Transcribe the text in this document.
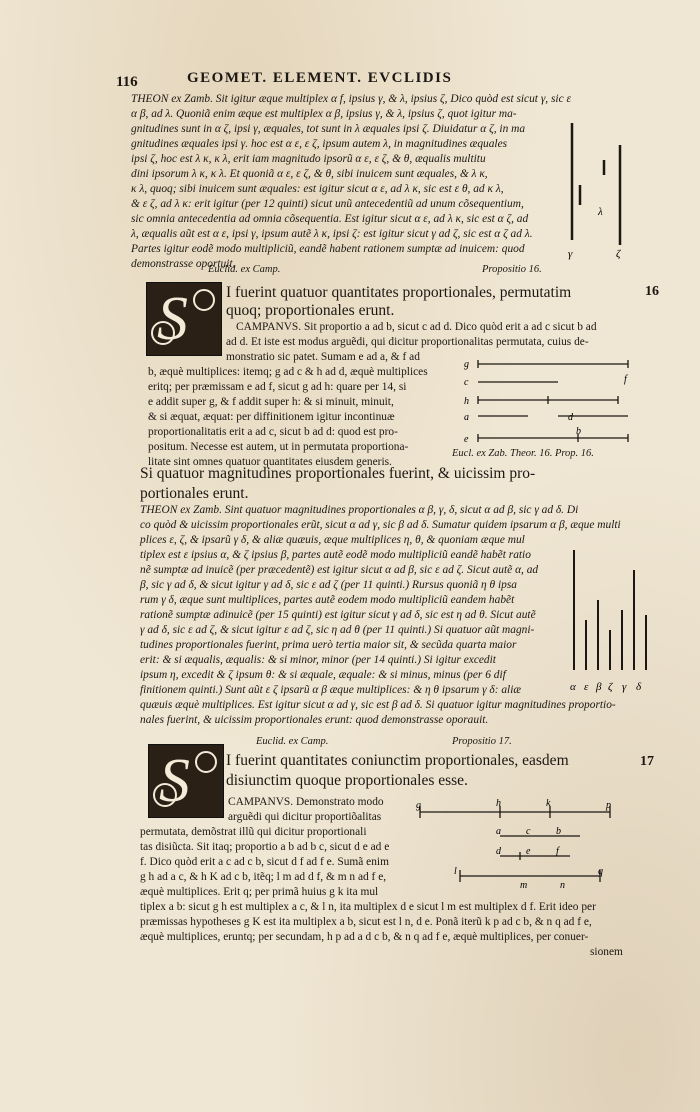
116	GEOMET. ELEMENT. EVCLIDIS
THEON ex Zamb. Sit igitur æque multiplex α f, ipsius γ, & λ, ipsius ζ, Dico quòd est sicut γ, sic ε
α β, ad λ. Quoniã enim æque est multiplex α β, ipsius γ, & λ, ipsius ζ, quot igitur ma-
gnitudines sunt in α ζ, ipsi γ, æquales, tot sunt in λ æquales ipsi ζ. Diuidatur α ζ, in ma
gnitudines æquales ipsi γ. hoc est α ε, ε ζ, ipsum autem λ, in magnitudines æquales
ipsi ζ, hoc est λ κ, κ λ, erit iam magnitudo ipsorũ α ε, ε ζ, & θ, æqualis multitu
dini ipsorum λ κ, κ λ. Et quoniã α ε, ε ζ, & θ, sibi inuicem sunt æquales, & λ κ,
κ λ, quoq; sibi inuicem sunt æquales: est igitur sicut α ε, ad λ κ, sic est ε θ, ad κ λ,
& ε ζ, ad λ κ: erit igitur (per 12 quinti) sicut unũ antecedentiũ ad unum cõsequentium,
sic omnia antecedentia ad omnia cõsequentia. Est igitur sicut α ε, ad λ κ, sic est α ζ, ad
λ, æqualis aũt est α ε, ipsi γ, ipsum autẽ λ κ, ipsi ζ: est igitur sicut γ ad ζ, sic est α ζ ad λ.
Partes igitur eodẽ modo multipliciũ, eandẽ habent rationem sumptæ ad inuicem: quod
demonstrasse oportuit.
γ
λ
ζ
Euclid. ex Camp.	Propositio 16.
S I fuerint quatuor quantitates proportionales, permutatim
quoq; proportionales erunt.
16
CAMPANVS. Sit proportio a ad b, sicut c ad d. Dico quòd erit a ad c sicut b ad
ad d. Et iste est modus arguẽdi, qui dicitur proportionalitas permutata, cuius de-
monstratio sic patet. Sumam e ad a, & f ad
b, æquè multiplices: itemq; g ad c & h ad d, æquè multiplices
eritq; per præmissam e ad f, sicut g ad h: quare per 14, si
e addit super g, & f addit super h: & si minuit, minuit,
& si æquat, æquat: per diffinitionem igitur incontinuæ
proportionalitatis erit a ad c, sicut b ad d: quod est pro-
positum. Necesse est autem, ut in permutata proportiona-
litate sint omnes quatuor quantitates eiusdem generis.
g
h
c
a	d
e
f
b
Eucl. ex Zab. Theor. 16. Prop. 16.
Si quatuor magnitudines proportionales fuerint, & uicissim pro-
portionales erunt.
THEON ex Zamb. Sint quatuor magnitudines proportionales α β, γ, δ, sicut α ad β, sic γ ad δ. Di
co quòd & uicissim proportionales erũt, sicut α ad γ, sic β ad δ. Sumatur quidem ipsarum α β, æque multi
plices ε, ζ, & ipsarũ γ δ, & aliæ quæuis, æque multiplices η, θ, & quoniam æque mul
tiplex est ε ipsius α, & ζ ipsius β, partes autẽ eodẽ modo multipliciũ eandẽ habẽt ratio
nẽ sumptæ ad inuicẽ (per præcedentẽ) est igitur sicut α ad β, sic ε ad ζ. Sicut autẽ α, ad
β, sic γ ad δ, & sicut igitur γ ad δ, sic ε ad ζ (per 11 quinti.) Rursus quoniã η θ ipsa
rum γ δ, æque sunt multiplices, partes autẽ eodem modo multipliciũ eandem habẽt
rationẽ sumptæ adinuicẽ (per 15 quinti) est igitur sicut γ ad δ, sic est η ad θ. Sicut autẽ
γ ad δ, sic ε ad ζ, & sicut igitur ε ad ζ, sic η ad θ (per 11 quinti.) Si quatuor aũt magni-
tudines proportionales fuerint, prima uerò tertia maior sit, & secũda quarta maior
erit: & si æqualis, æqualis: & si minor, minor (per 14 quinti.) Si igitur excedit
ipsum η, excedit & ζ ipsum θ: & si æquale, æquale: & si minus, minus (per 6 dif
finitionem quinti.) Sunt aũt ε ζ ipsarũ α β æque multiplices: & η θ ipsarum γ δ: aliæ
quæuis æquè multiplices. Est igitur sicut α ad γ, sic est β ad δ. Si quatuor igitur magnitudines proportio-
nales fuerint, & uicissim proportionales erunt: quod demonstrasse oporauit.
α ε β ζ γ δ
Euclid. ex Camp.	Propositio 17.
S I fuerint quantitates coniunctim proportionales, easdem
disiunctim quoque proportionales esse.
17
CAMPANVS. Demonstrato modo
arguẽdi qui dicitur proportiõalitas
permutata, demõstrat illũ qui dicitur proportionali
tas disiũcta. Sit itaq; proportio a b ad b c, sicut d e ad e
f. Dico quòd erit a c ad c b, sicut d f ad f e. Sumã enim
g h ad a c, & h K ad c b, itẽq; l m ad d f, & m n ad f e,
æquè multiplices. Erit q; per primã huius g k ita mul
tiplex a b: sicut g h est multiplex a c, & l n, ita multiplex d e sicut l m est multiplex d f. Erit ideo per
præmissas hypotheses g K est ita multiplex a b, sicut est l n, d e. Ponã iterũ k p ad c b, & n q ad f e,
æquè multiplices, eruntq; per secundam, h p ad a d c b, & n q ad f e, æquè multiplices, per conuer-
sionem
g	h	k	p
a	c	b
d	e	f
l
m	n
q
